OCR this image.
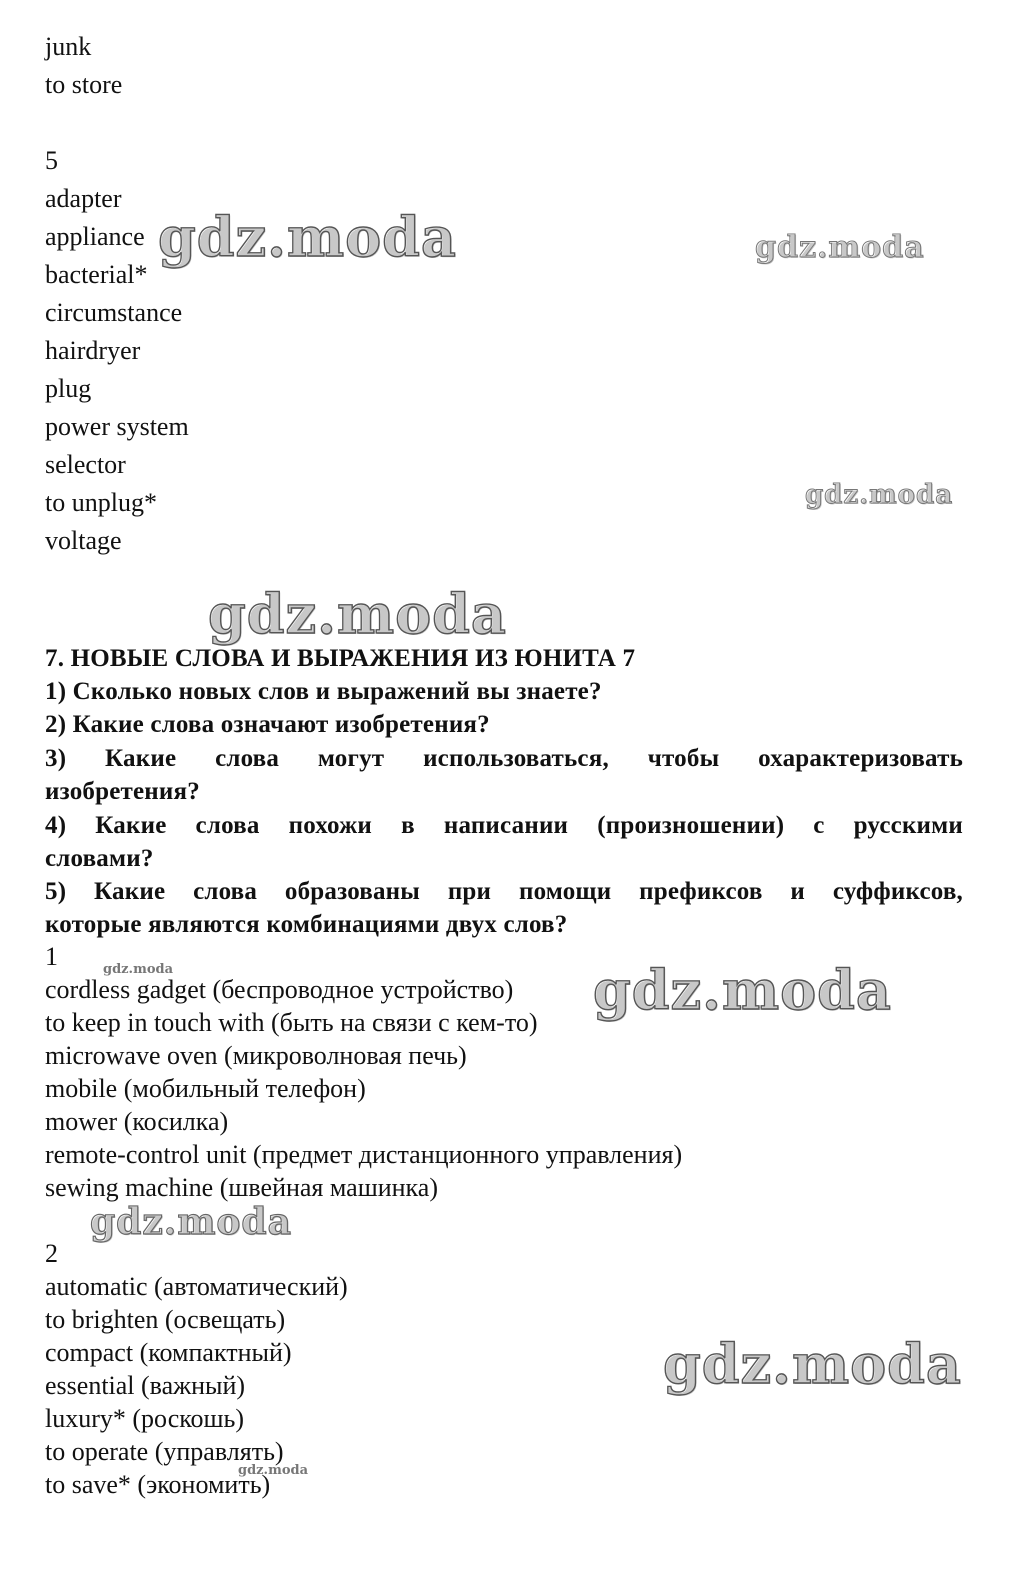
junk
to store
5
adapter
appliance
bacterial*
circumstance
hairdryer
plug
power system
selector
to unplug*
voltage
7. НОВЫЕ СЛОВА И ВЫРАЖЕНИЯ ИЗ ЮНИТА 7
1) Сколько новых слов и выражений вы знаете?
2) Какие слова означают изобретения?
3) Какие слова могут использоваться, чтобы охарактеризовать
изобретения?
4) Какие слова похожи в написании (произношении) с русскими
словами?
5) Какие слова образованы при помощи префиксов и суффиксов,
которые являются комбинациями двух слов?
1
cordless gadget (беспроводное устройство)
to keep in touch with (быть на связи с кем-то)
microwave oven (микроволновая печь)
mobile (мобильный телефон)
mower (косилка)
remote-control unit (предмет дистанционного управления)
sewing machine (швейная машинка)
2
automatic (автоматический)
to brighten (освещать)
compact (компактный)
essential (важный)
luxury* (роскошь)
to operate (управлять)
to save* (экономить)
gdz.moda	gdz.moda
gdz.moda
gdz.moda
gdz.moda	gdz.moda
gdz.moda
gdz.moda
gdz.moda
